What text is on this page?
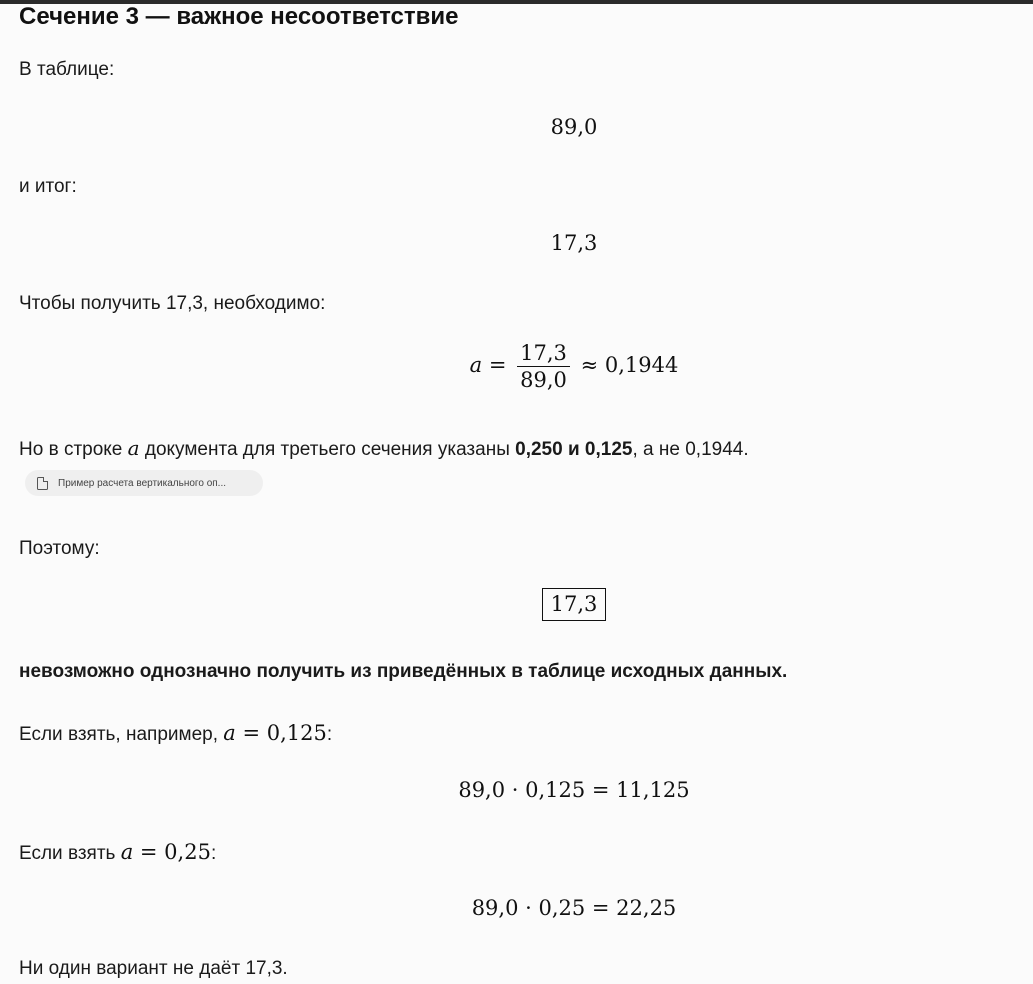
Сечение 3 — важное несоответствие
В таблице:
89,0
и итог:
17,3
Чтобы получить 17,3, необходимо:
$a = \frac{17,3}{89,0} \approx 0,1944$
Но в строке a документа для третьего сечения указаны 0,250 и 0,125, а не 0,1944.
Пример расчета вертикального оп...
Поэтому:
17,3
невозможно однозначно получить из приведённых в таблице исходных данных.
Если взять, например, a = 0,125:
89,0 · 0,125 = 11,125
Если взять a = 0,25:
89,0 · 0,25 = 22,25
Ни один вариант не даёт 17,3.
